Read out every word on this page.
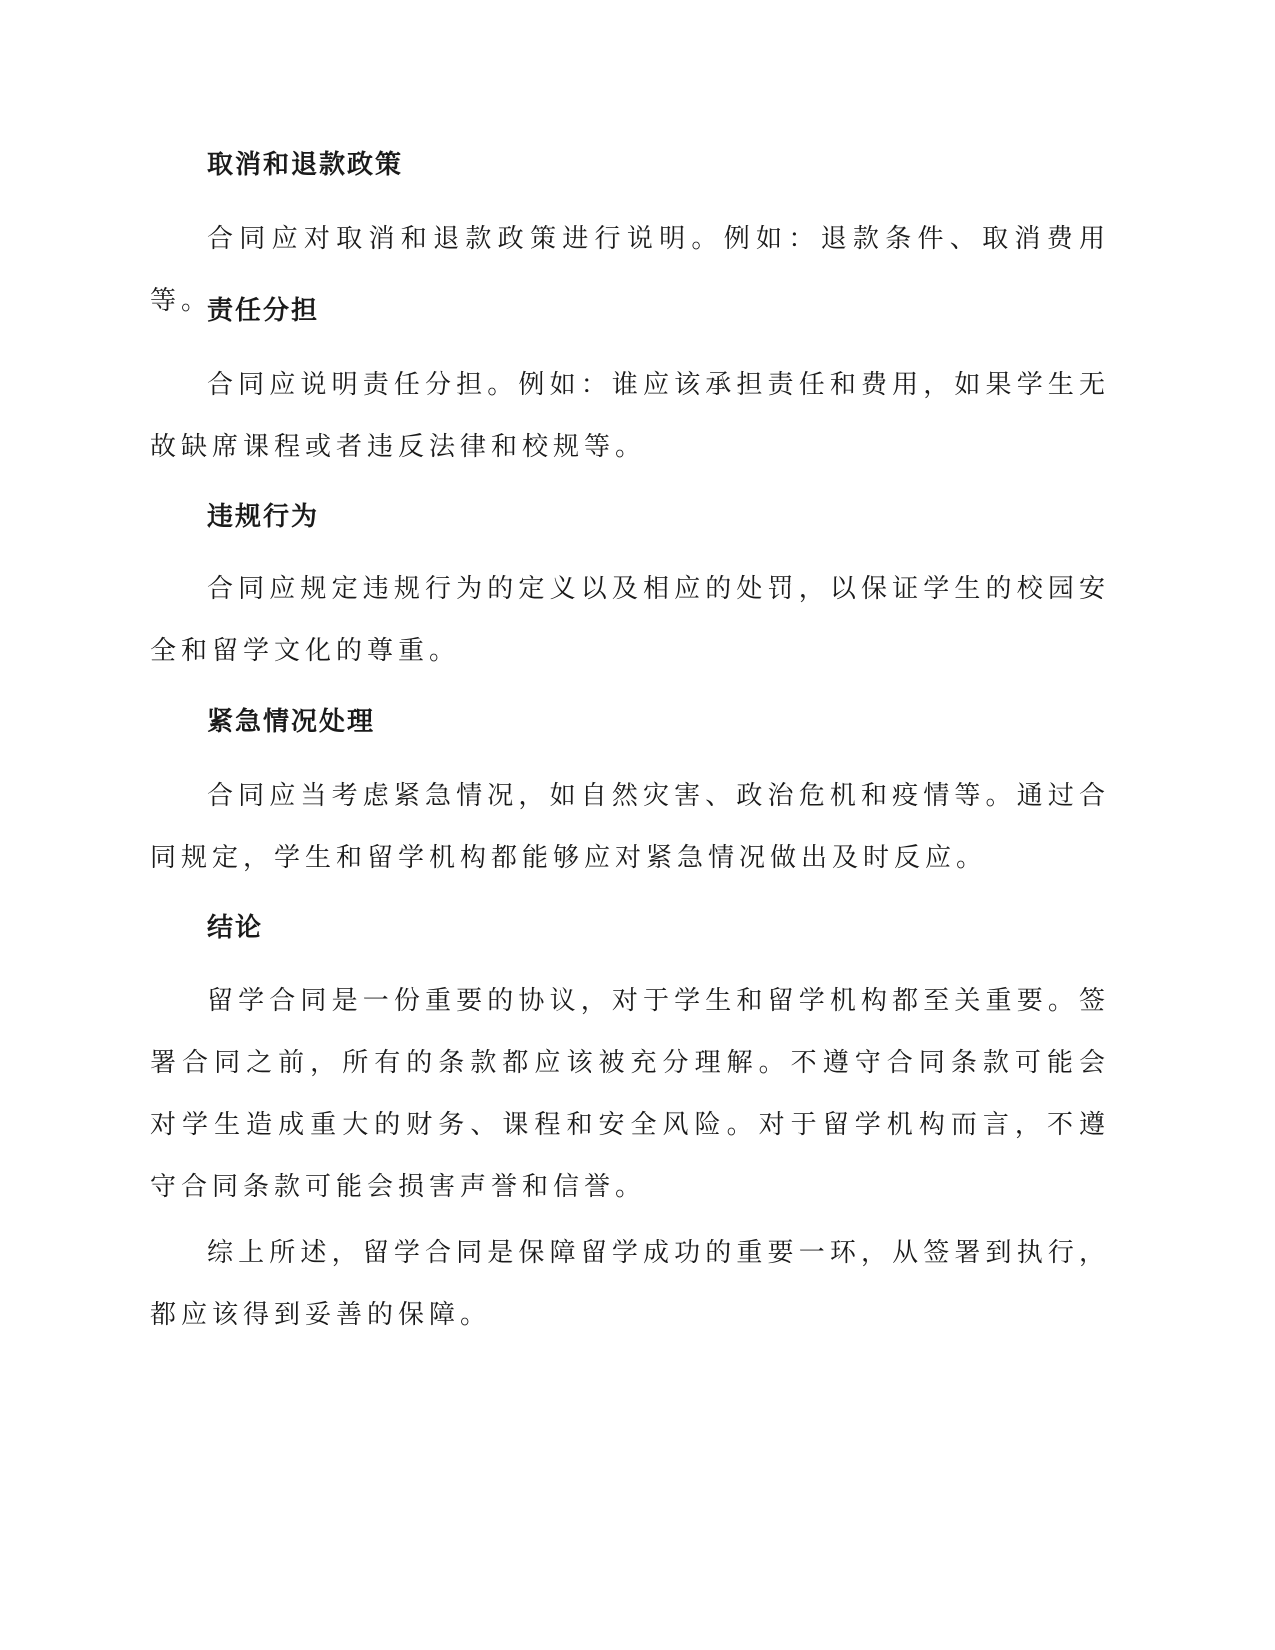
取消和退款政策
合同应对取消和退款政策进行说明。例如：退款条件、取消费用等。
责任分担
合同应说明责任分担。例如：谁应该承担责任和费用，如果学生无故缺席课程或者违反法律和校规等。
违规行为
合同应规定违规行为的定义以及相应的处罚，以保证学生的校园安全和留学文化的尊重。
紧急情况处理
合同应当考虑紧急情况，如自然灾害、政治危机和疫情等。通过合同规定，学生和留学机构都能够应对紧急情况做出及时反应。
结论
留学合同是一份重要的协议，对于学生和留学机构都至关重要。签署合同之前，所有的条款都应该被充分理解。不遵守合同条款可能会对学生造成重大的财务、课程和安全风险。对于留学机构而言，不遵守合同条款可能会损害声誉和信誉。
综上所述，留学合同是保障留学成功的重要一环，从签署到执行，都应该得到妥善的保障。
